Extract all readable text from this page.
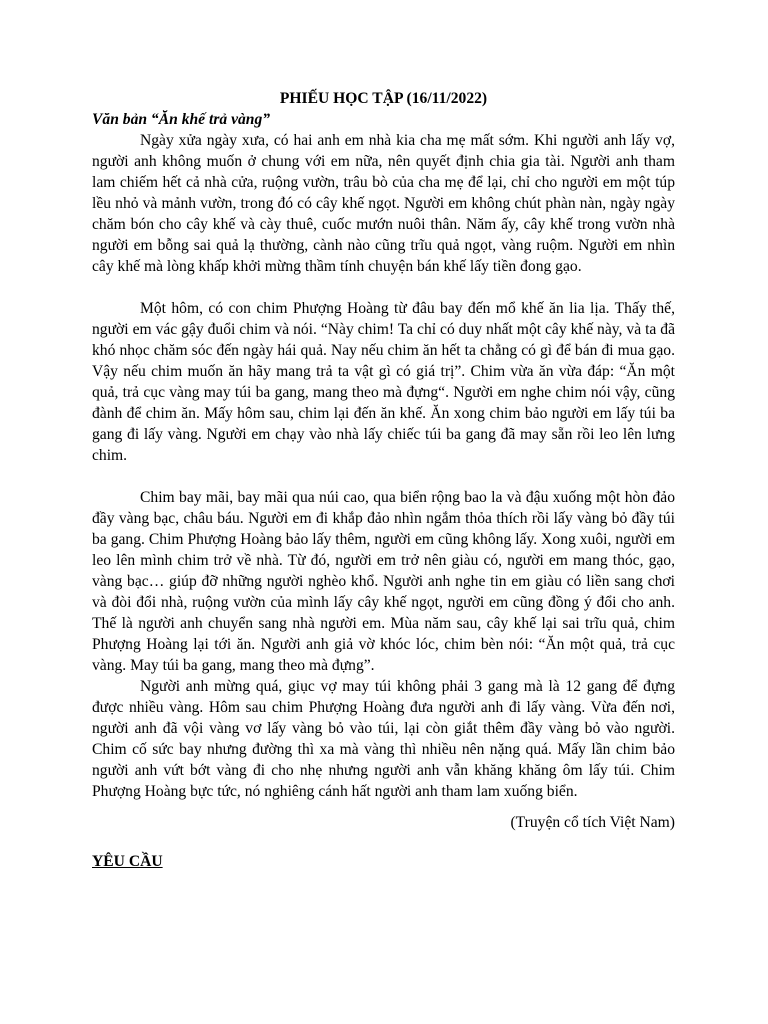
PHIẾU HỌC TẬP (16/11/2022)

Văn bản “Ăn khế trả vàng”

Ngày xửa ngày xưa, có hai anh em nhà kia cha mẹ mất sớm. Khi người anh lấy vợ, người anh không muốn ở chung với em nữa, nên quyết định chia gia tài. Người anh tham lam chiếm hết cả nhà cửa, ruộng vườn, trâu bò của cha mẹ để lại, chỉ cho người em một túp lều nhỏ và mảnh vườn, trong đó có cây khế ngọt. Người em không chút phàn nàn, ngày ngày chăm bón cho cây khế và cày thuê, cuốc mướn nuôi thân. Năm ấy, cây khế trong vườn nhà người em bỗng sai quả lạ thường, cành nào cũng trĩu quả ngọt, vàng ruộm. Người em nhìn cây khế mà lòng khấp khởi mừng thầm tính chuyện bán khế lấy tiền đong gạo.

Một hôm, có con chim Phượng Hoàng từ đâu bay đến mổ khế ăn lia lịa. Thấy thế, người em vác gậy đuổi chim và nói. “Này chim! Ta chỉ có duy nhất một cây khế này, và ta đã khó nhọc chăm sóc đến ngày hái quả. Nay nếu chim ăn hết ta chẳng có gì để bán đi mua gạo. Vậy nếu chim muốn ăn hãy mang trả ta vật gì có giá trị”. Chim vừa ăn vừa đáp: “Ăn một quả, trả cục vàng may túi ba gang, mang theo mà đựng“. Người em nghe chim nói vậy, cũng đành để chim ăn. Mấy hôm sau, chim lại đến ăn khế. Ăn xong chim bảo người em lấy túi ba gang đi lấy vàng. Người em chạy vào nhà lấy chiếc túi ba gang đã may sẵn rồi leo lên lưng chim.

Chim bay mãi, bay mãi qua núi cao, qua biển rộng bao la và đậu xuống một hòn đảo đầy vàng bạc, châu báu. Người em đi khắp đảo nhìn ngắm thỏa thích rồi lấy vàng bỏ đầy túi ba gang. Chim Phượng Hoàng bảo lấy thêm, người em cũng không lấy. Xong xuôi, người em leo lên mình chim trở về nhà. Từ đó, người em trở nên giàu có, người em mang thóc, gạo, vàng bạc… giúp đỡ những người nghèo khổ. Người anh nghe tin em giàu có liền sang chơi và đòi đổi nhà, ruộng vườn của mình lấy cây khế ngọt, người em cũng đồng ý đổi cho anh. Thế là người anh chuyển sang nhà người em. Mùa năm sau, cây khế lại sai trĩu quả, chim Phượng Hoàng lại tới ăn. Người anh giả vờ khóc lóc, chim bèn nói: “Ăn một quả, trả cục vàng. May túi ba gang, mang theo mà đựng”.

Người anh mừng quá, giục vợ may túi không phải 3 gang mà là 12 gang để đựng được nhiều vàng. Hôm sau chim Phượng Hoàng đưa người anh đi lấy vàng. Vừa đến nơi, người anh đã vội vàng vơ lấy vàng bỏ vào túi, lại còn giắt thêm đầy vàng bỏ vào người. Chim cố sức bay nhưng đường thì xa mà vàng thì nhiều nên nặng quá. Mấy lần chim bảo người anh vứt bớt vàng đi cho nhẹ nhưng người anh vẫn khăng khăng ôm lấy túi. Chim Phượng Hoàng bực tức, nó nghiêng cánh hất người anh tham lam xuống biển.

(Truyện cổ tích Việt Nam)

YÊU CẦU
